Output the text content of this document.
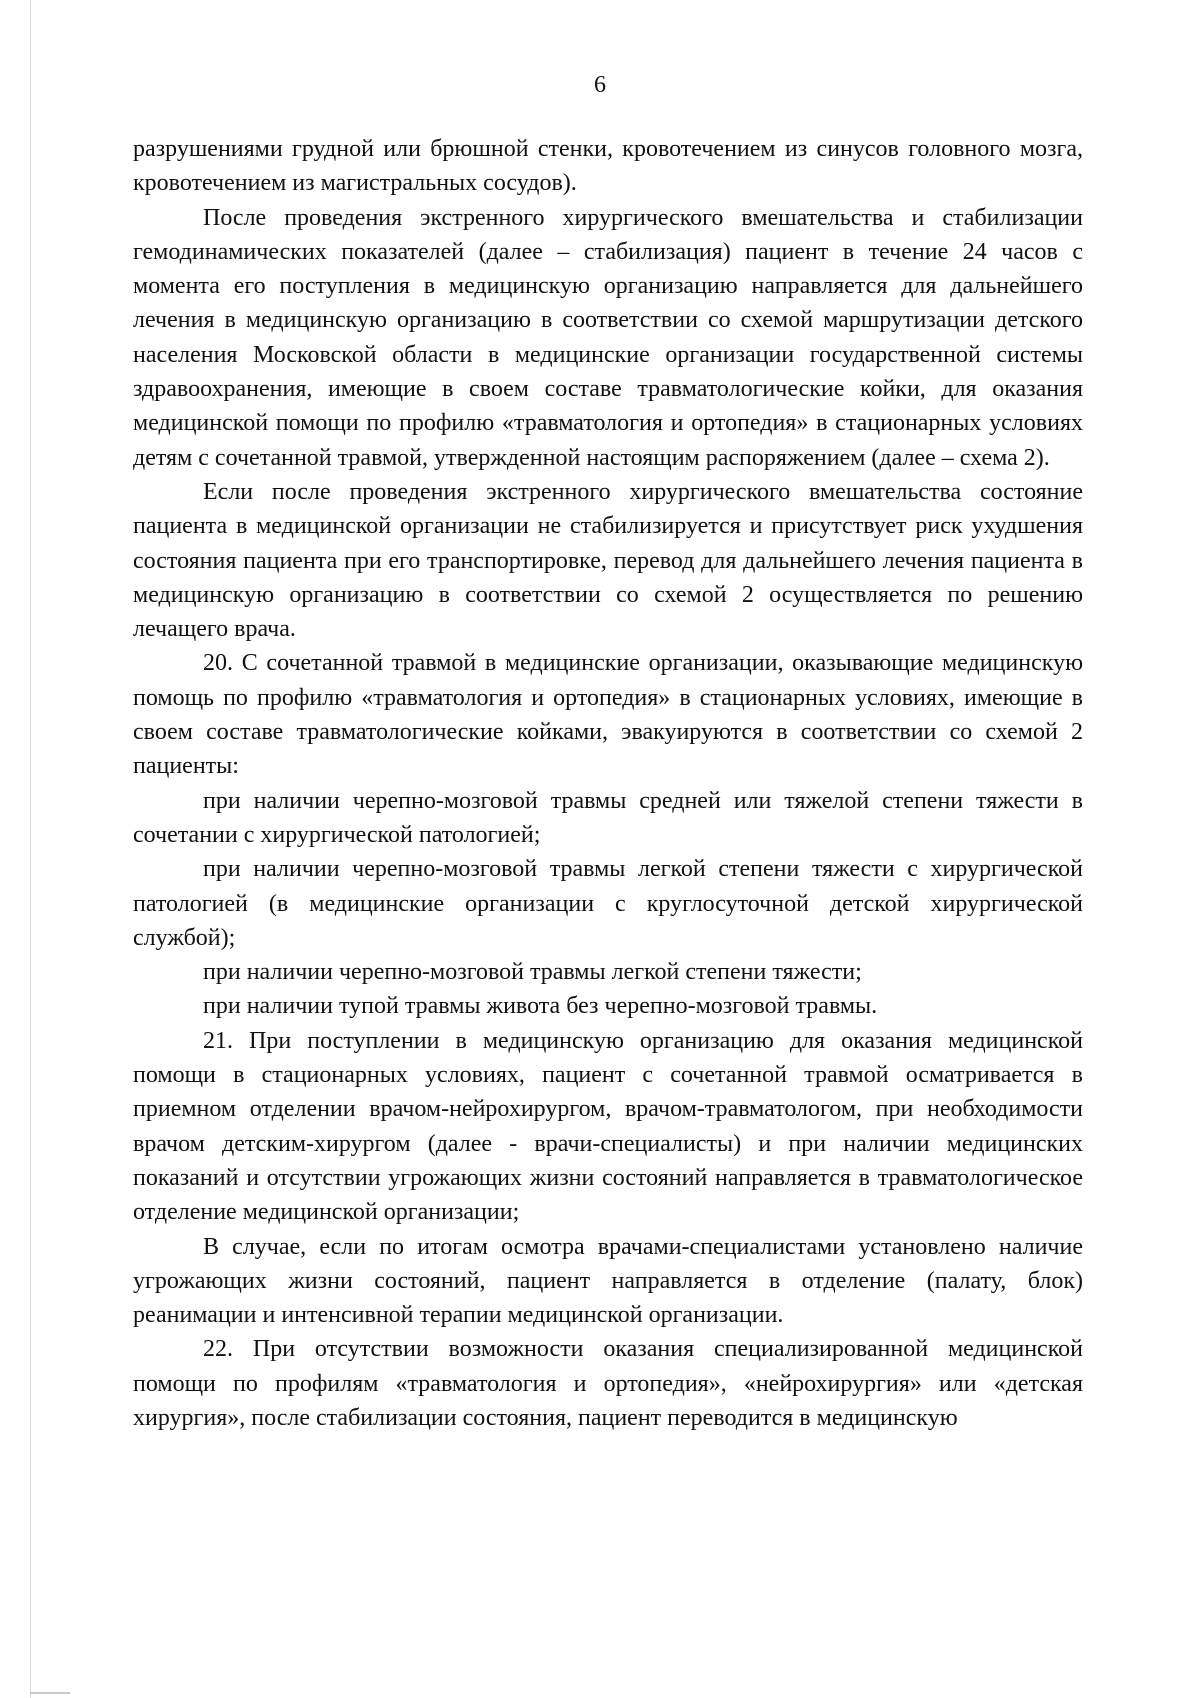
6

разрушениями грудной или брюшной стенки, кровотечением из синусов головного мозга, кровотечением из магистральных сосудов).

После проведения экстренного хирургического вмешательства и стабилизации гемодинамических показателей (далее – стабилизация) пациент в течение 24 часов с момента его поступления в медицинскую организацию направляется для дальнейшего лечения в медицинскую организацию в соответствии со схемой маршрутизации детского населения Московской области в медицинские организации государственной системы здравоохранения, имеющие в своем составе травматологические койки, для оказания медицинской помощи по профилю «травматология и ортопедия» в стационарных условиях детям с сочетанной травмой, утвержденной настоящим распоряжением (далее – схема 2).

Если после проведения экстренного хирургического вмешательства состояние пациента в медицинской организации не стабилизируется и присутствует риск ухудшения состояния пациента при его транспортировке, перевод для дальнейшего лечения пациента в медицинскую организацию в соответствии со схемой 2 осуществляется по решению лечащего врача.

20. С сочетанной травмой в медицинские организации, оказывающие медицинскую помощь по профилю «травматология и ортопедия» в стационарных условиях, имеющие в своем составе травматологические койками, эвакуируются в соответствии со схемой 2 пациенты:

при наличии черепно-мозговой травмы средней или тяжелой степени тяжести в сочетании с хирургической патологией;

при наличии черепно-мозговой травмы легкой степени тяжести с хирургической патологией (в медицинские организации с круглосуточной детской хирургической службой);

при наличии черепно-мозговой травмы легкой степени тяжести;

при наличии тупой травмы живота без черепно-мозговой травмы.

21. При поступлении в медицинскую организацию для оказания медицинской помощи в стационарных условиях, пациент с сочетанной травмой осматривается в приемном отделении врачом-нейрохирургом, врачом-травматологом, при необходимости врачом детским-хирургом (далее - врачи-специалисты) и при наличии медицинских показаний и отсутствии угрожающих жизни состояний направляется в травматологическое отделение медицинской организации;

В случае, если по итогам осмотра врачами-специалистами установлено наличие угрожающих жизни состояний, пациент направляется в отделение (палату, блок) реанимации и интенсивной терапии медицинской организации.

22. При отсутствии возможности оказания специализированной медицинской помощи по профилям «травматология и ортопедия», «нейрохирургия» или «детская хирургия», после стабилизации состояния, пациент переводится в медицинскую
